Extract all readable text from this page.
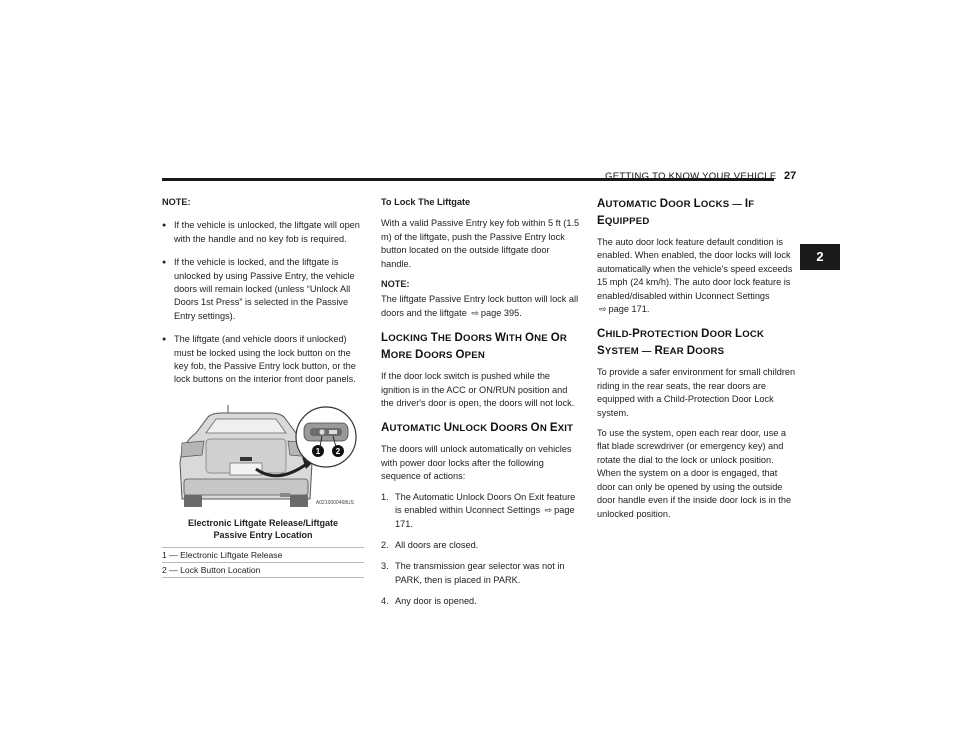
GETTING TO KNOW YOUR VEHICLE 27
2

NOTE:

● If the vehicle is unlocked, the liftgate will open with the handle and no key fob is required.
● If the vehicle is locked, and the liftgate is unlocked by using Passive Entry, the vehicle doors will remain locked (unless “Unlock All Doors 1st Press” is selected in the Passive Entry settings).
● The liftgate (and vehicle doors if unlocked) must be locked using the lock button on the key fob, the Passive Entry lock button, or the lock buttons on the interior front door panels.
1 2
A0210000468US
Electronic Liftgate Release/Liftgate Passive Entry Location
1 — Electronic Liftgate Release
2 — Lock Button Location

To Lock The Liftgate

With a valid Passive Entry key fob within 5 ft (1.5 m) of the liftgate, push the Passive Entry lock button located on the outside liftgate door handle.

NOTE:

The liftgate Passive Entry lock button will lock all doors and the liftgate ⇨ page 395.

LOCKING THE DOORS WITH ONE OR
MORE DOORS OPEN

If the door lock switch is pushed while the ignition is in the ACC or ON/RUN position and the driver's door is open, the doors will not lock.

AUTOMATIC UNLOCK DOORS ON EXIT

The doors will unlock automatically on vehicles with power door locks after the following sequence of actions:

1. The Automatic Unlock Doors On Exit feature is enabled within Uconnect Settings ⇨ page 171.
2. All doors are closed.
3. The transmission gear selector was not in PARK, then is placed in PARK.
4. Any door is opened.
AUTOMATIC DOOR LOCKS — IF
EQUIPPED

The auto door lock feature default condition is enabled. When enabled, the door locks will lock automatically when the vehicle's speed exceeds 15 mph (24 km/h). The auto door lock feature is enabled/disabled within Uconnect Settings ⇨ page 171.

CHILD-PROTECTION DOOR LOCK
SYSTEM — REAR DOORS

To provide a safer environment for small children riding in the rear seats, the rear doors are equipped with a Child-Protection Door Lock system.

To use the system, open each rear door, use a flat blade screwdriver (or emergency key) and rotate the dial to the lock or unlock position. When the system on a door is engaged, that door can only be opened by using the outside door handle even if the inside door lock is in the unlocked position.
